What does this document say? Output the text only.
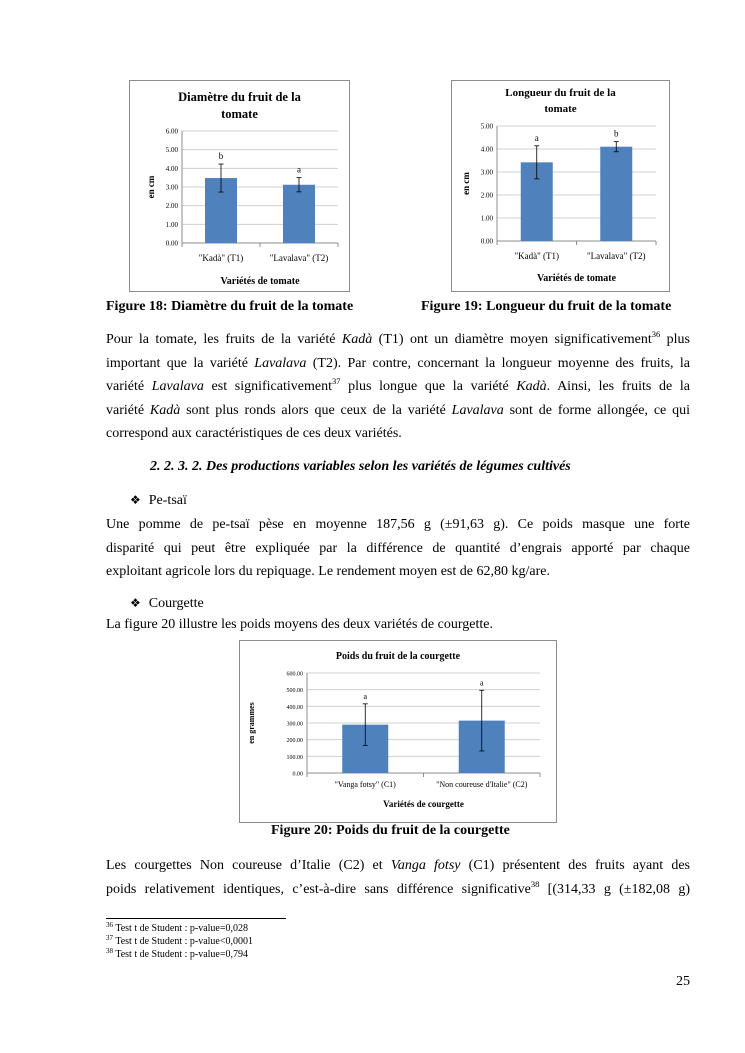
Diamètre du fruit de la
tomate
0.00
1.00
2.00
3.00
4.00
5.00
6.00
b
"Kadà" (T1)
a
"Lavalava" (T2)
Variétés de tomate
en cm
Longueur du fruit de la
tomate
0.00
1.00
2.00
3.00
4.00
5.00
a
"Kadà" (T1)
b
"Lavalava" (T2)
Variétés de tomate
en cm
Figure 18: Diamètre du fruit de la tomate	Figure 19: Longueur du fruit de la tomate
Pour la tomate, les fruits de la variété Kadà (T1) ont un diamètre moyen significativement$^{36}$ plus
important que la variété Lavalava (T2). Par contre, concernant la longueur moyenne des fruits, la
variété Lavalava est significativement$^{37}$ plus longue que la variété Kadà. Ainsi, les fruits de la
variété Kadà sont plus ronds alors que ceux de la variété Lavalava sont de forme allongée, ce qui
correspond aux caractéristiques de ces deux variétés.
2. 2. 3. 2. Des productions variables selon les variétés de légumes cultivés
❖ Pe-tsaï
Une pomme de pe-tsaï pèse en moyenne 187,56 g (±91,63 g). Ce poids masque une forte
disparité qui peut être expliquée par la différence de quantité d’engrais apporté par chaque
exploitant agricole lors du repiquage. Le rendement moyen est de 62,80 kg/are.
❖ Courgette
La figure 20 illustre les poids moyens des deux variétés de courgette.
Poids du fruit de la courgette
0.00
100.00
200.00
300.00
400.00
500.00
600.00
a
"Vanga fotsy" (C1)
a
"Non coureuse d'Italie" (C2)
Variétés de courgette
en grammes
Figure 20: Poids du fruit de la courgette
Les courgettes Non coureuse d’Italie (C2) et Vanga fotsy (C1) présentent des fruits ayant des
poids relativement identiques, c’est-à-dire sans différence significative$^{38}$ [(314,33 g (±182,08 g)
$^{36}$ Test t de Student : p-value=0,028
$^{37}$ Test t de Student : p-value<0,0001
$^{38}$ Test t de Student : p-value=0,794
25
